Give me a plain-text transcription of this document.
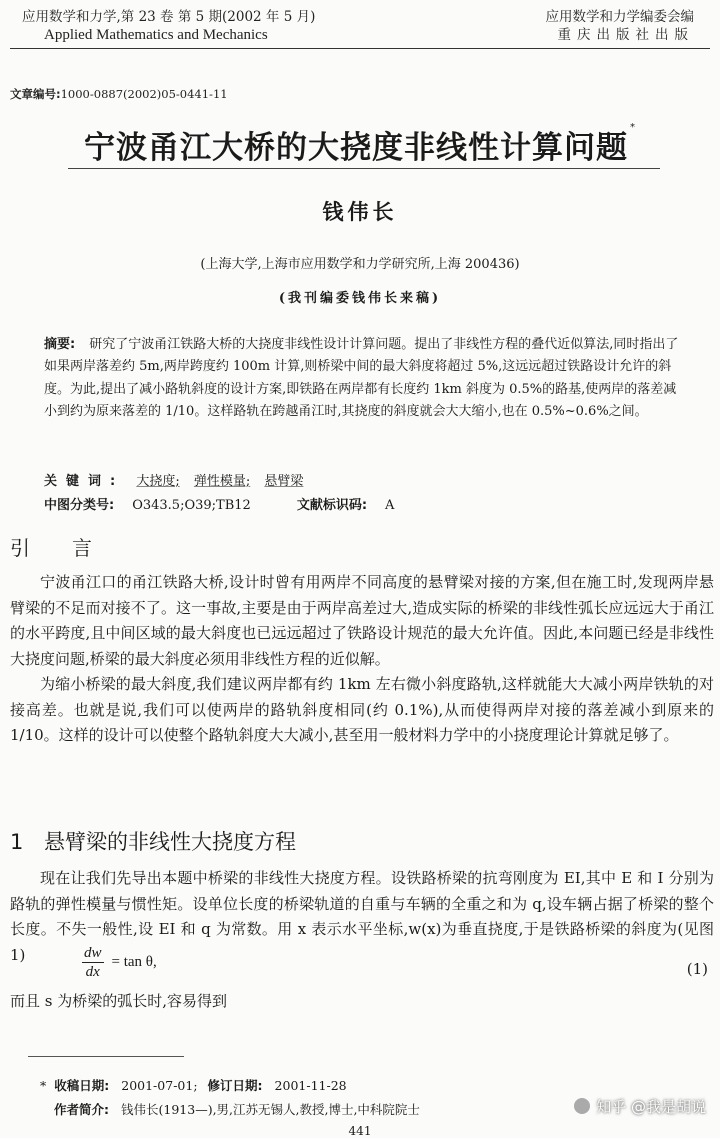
应用数学和力学,第 23 卷 第 5 期(2002 年 5 月)
Applied Mathematics and Mechanics
应用数学和力学编委会编
重庆出版社出版
文章编号:1000-0887(2002)05-0441-11
宁波甬江大桥的大挠度非线性计算问题*
钱伟长
(上海大学,上海市应用数学和力学研究所,上海 200436)
(我刊编委钱伟长来稿)
摘要: 研究了宁波甬江铁路大桥的大挠度非线性设计计算问题。提出了非线性方程的叠代近似算法,同时指出了如果两岸落差约 5m,两岸跨度约 100m 计算,则桥梁中间的最大斜度将超过 5%,这远远超过铁路设计允许的斜度。为此,提出了减小路轨斜度的设计方案,即铁路在两岸都有长度约 1km 斜度为 0.5%的路基,使两岸的落差减小到约为原来落差的 1/10。这样路轨在跨越甬江时,其挠度的斜度就会大大缩小,也在 0.5%~0.6%之间。
关键词: 大挠度; 弹性模量; 悬臂梁
中图分类号: O343.5;O39;TB12	文献标识码: A
引 言

宁波甬江口的甬江铁路大桥,设计时曾有用两岸不同高度的悬臂梁对接的方案,但在施工时,发现两岸悬臂梁的不足而对接不了。这一事故,主要是由于两岸高差过大,造成实际的桥梁的非线性弧长应远远大于甬江的水平跨度,且中间区域的最大斜度也已远远超过了铁路设计规范的最大允许值。因此,本问题已经是非线性大挠度问题,桥梁的最大斜度必须用非线性方程的近似解。

为缩小桥梁的最大斜度,我们建议两岸都有约 1km 左右微小斜度路轨,这样就能大大减小两岸铁轨的对接高差。也就是说,我们可以使两岸的路轨斜度相同(约 0.1%),从而使得两岸对接的落差减小到原来的 1/10。这样的设计可以使整个路轨斜度大大减小,甚至用一般材料力学中的小挠度理论计算就足够了。

1 悬臂梁的非线性大挠度方程

现在让我们先导出本题中桥梁的非线性大挠度方程。设铁路桥梁的抗弯刚度为 EI,其中 E 和 I 分别为路轨的弹性模量与惯性矩。设单位长度的桥梁轨道的自重与车辆的全重之和为 q,设车辆占据了桥梁的整个长度。不失一般性,设 EI 和 q 为常数。用 x 表示水平坐标,w(x)为垂直挠度,于是铁路桥梁的斜度为(见图 1)	$\frac{dw}{dx} = \tan \theta$,	(1)
而且 s 为桥梁的弧长时,容易得到
* 收稿日期: 2001-07-01; 修订日期: 2001-11-28
作者简介: 钱伟长(1913—),男,江苏无锡人,教授,博士,中科院院士	知乎 @我是胡说
441
